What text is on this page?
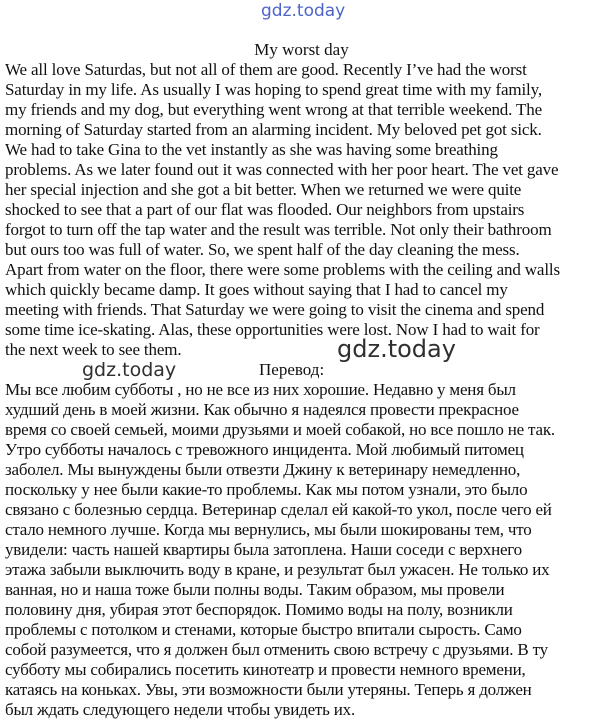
gdz.today
My worst day
We all love Saturdas, but not all of them are good. Recently I’ve had the worst
Saturday in my life. As usually I was hoping to spend great time with my family,
my friends and my dog, but everything went wrong at that terrible weekend. The
morning of Saturday started from an alarming incident. My beloved pet got sick.
We had to take Gina to the vet instantly as she was having some breathing
problems. As we later found out it was connected with her poor heart. The vet gave
her special injection and she got a bit better. When we returned we were quite
shocked to see that a part of our flat was flooded. Our neighbors from upstairs
forgot to turn off the tap water and the result was terrible. Not only their bathroom
but ours too was full of water. So, we spent half of the day cleaning the mess.
Apart from water on the floor, there were some problems with the ceiling and walls
which quickly became damp. It goes without saying that I had to cancel my
meeting with friends. That Saturday we were going to visit the cinema and spend
some time ice-skating. Alas, these opportunities were lost. Now I had to wait for
the next week to see them.	gdz.today
gdz.today	Перевод:
Мы все любим субботы , но не все из них хорошие. Недавно у меня был
худший день в моей жизни. Как обычно я надеялся провести прекрасное
время со своей семьей, моими друзьями и моей собакой, но все пошло не так.
Утро субботы началось с тревожного инцидента. Мой любимый питомец
заболел. Мы вынуждены были отвезти Джину к ветеринару немедленно,
поскольку у нее были какие-то проблемы. Как мы потом узнали, это было
связано с болезнью сердца. Ветеринар сделал ей какой-то укол, после чего ей
стало немного лучше. Когда мы вернулись, мы были шокированы тем, что
увидели: часть нашей квартиры была затоплена. Наши соседи с верхнего
этажа забыли выключить воду в кране, и результат был ужасен. Не только их
ванная, но и наша тоже были полны воды. Таким образом, мы провели
половину дня, убирая этот беспорядок. Помимо воды на полу, возникли
проблемы с потолком и стенами, которые быстро впитали сырость. Само
собой разумеется, что я должен был отменить свою встречу с друзьями. В ту
субботу мы собирались посетить кинотеатр и провести немного времени,
катаясь на коньках. Увы, эти возможности были утеряны. Теперь я должен
был ждать следующего недели чтобы увидеть их.
